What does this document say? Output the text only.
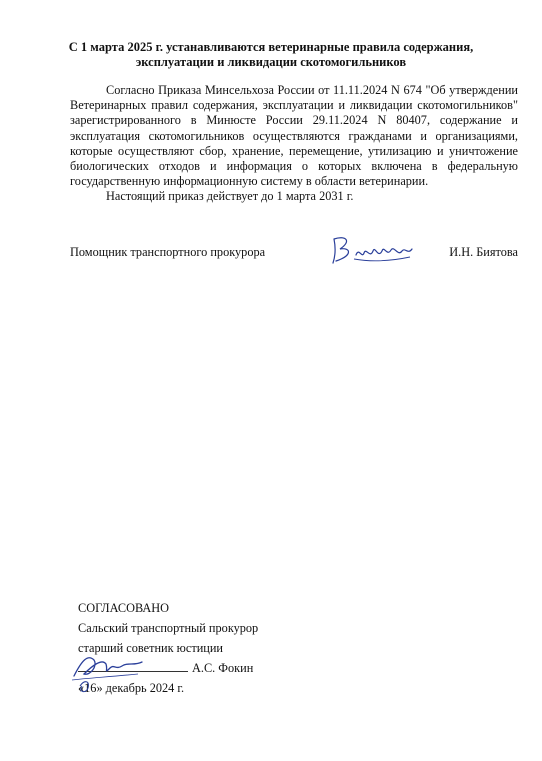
С 1 марта 2025 г. устанавливаются ветеринарные правила содержания, эксплуатации и ликвидации скотомогильников

Согласно Приказа Минсельхоза России от 11.11.2024 N 674 "Об утверждении Ветеринарных правил содержания, эксплуатации и ликвидации скотомогильников" зарегистрированного в Минюсте России 29.11.2024 N 80407, содержание и эксплуатация скотомогильников осуществляются гражданами и организациями, которые осуществляют сбор, хранение, перемещение, утилизацию и уничтожение биологических отходов и информация о которых включена в федеральную государственную информационную систему в области ветеринарии.

Настоящий приказ действует до 1 марта 2031 г.

Помощник транспортного прокурора	И.Н. Биятова
СОГЛАСОВАНО
Сальский транспортный прокурор
старший советник юстиции
А.С. Фокин
«16» декабрь 2024 г.
